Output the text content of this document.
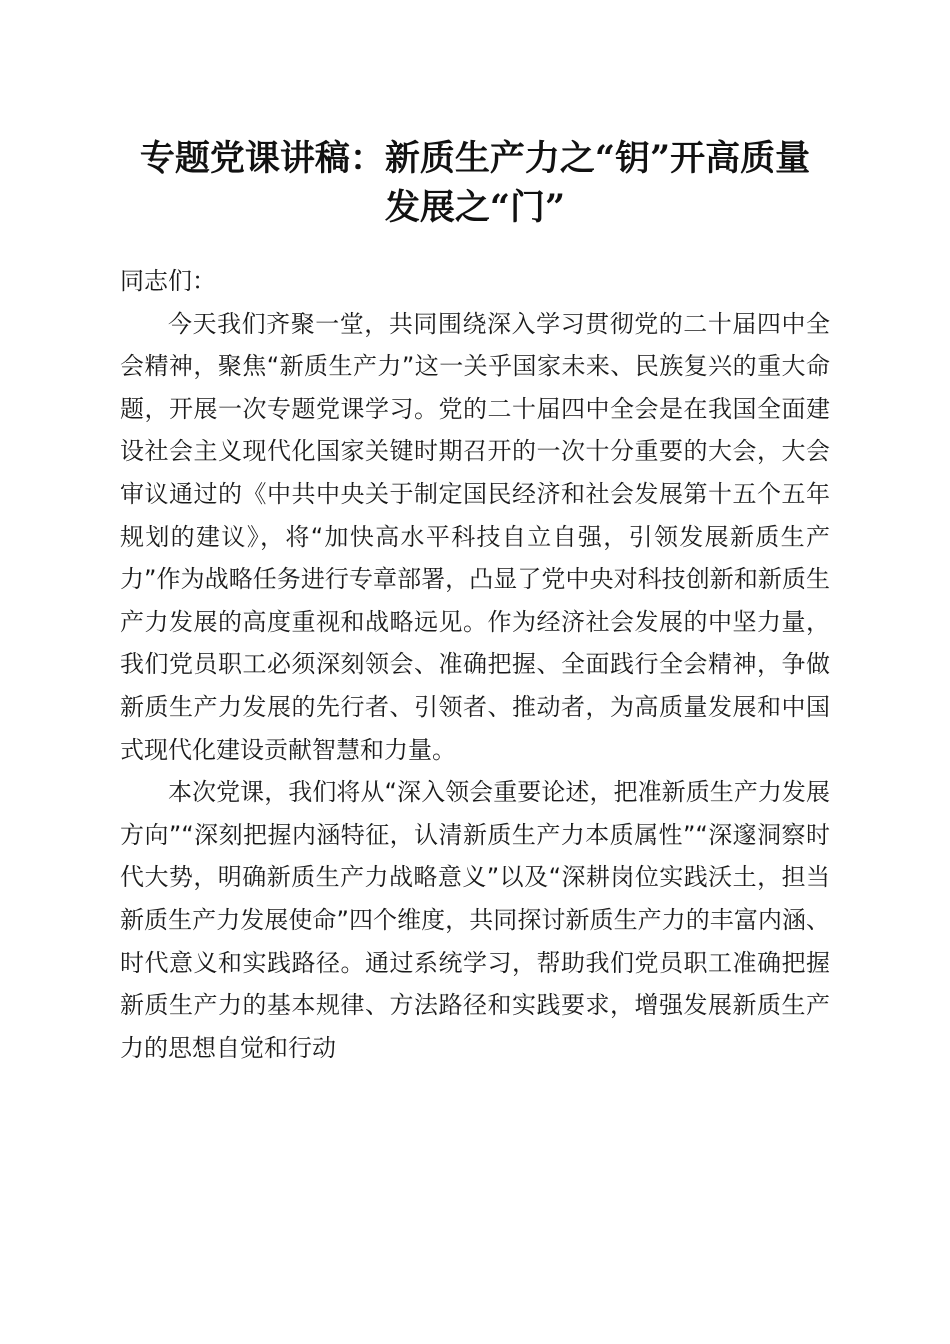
专题党课讲稿：新质生产力之“钥”开高质量
发展之“门”

同志们：

今天我们齐聚一堂，共同围绕深入学习贯彻党的二十届四中全会精神，聚焦“新质生产力”这一关乎国家未来、民族复兴的重大命题，开展一次专题党课学习。党的二十届四中全会是在我国全面建设社会主义现代化国家关键时期召开的一次十分重要的大会，大会审议通过的《中共中央关于制定国民经济和社会发展第十五个五年规划的建议》，将“加快高水平科技自立自强，引领发展新质生产力”作为战略任务进行专章部署，凸显了党中央对科技创新和新质生产力发展的高度重视和战略远见。作为经济社会发展的中坚力量，我们党员职工必须深刻领会、准确把握、全面践行全会精神，争做新质生产力发展的先行者、引领者、推动者，为高质量发展和中国式现代化建设贡献智慧和力量。

本次党课，我们将从“深入领会重要论述，把准新质生产力发展方向”“深刻把握内涵特征，认清新质生产力本质属性”“深邃洞察时代大势，明确新质生产力战略意义”以及“深耕岗位实践沃土，担当新质生产力发展使命”四个维度，共同探讨新质生产力的丰富内涵、时代意义和实践路径。通过系统学习，帮助我们党员职工准确把握新质生产力的基本规律、方法路径和实践要求，增强发展新质生产力的思想自觉和行动
